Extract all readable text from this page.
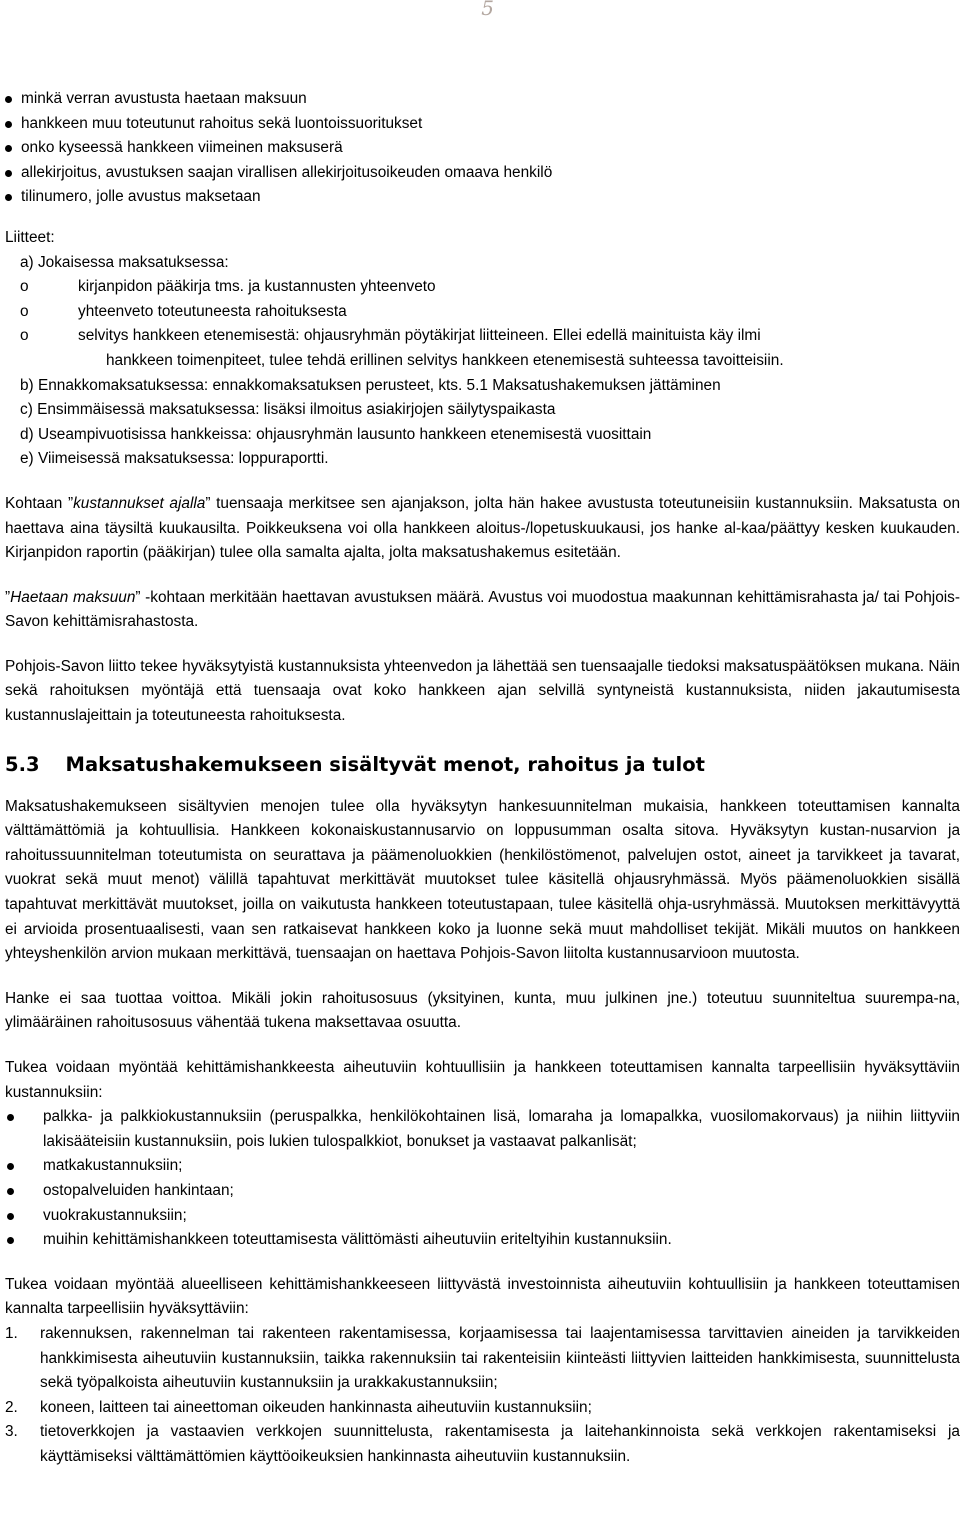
5
minkä verran avustusta haetaan maksuun
hankkeen muu toteutunut rahoitus sekä luontoissuoritukset
onko kyseessä hankkeen viimeinen maksuserä
allekirjoitus, avustuksen saajan virallisen allekirjoitusoikeuden omaava henkilö
tilinumero, jolle avustus maksetaan
Liitteet:
a) Jokaisessa maksatuksessa:
o	kirjanpidon pääkirja tms. ja kustannusten yhteenveto
o	yhteenveto toteutuneesta rahoituksesta
o	selvitys hankkeen etenemisestä: ohjausryhmän pöytäkirjat liitteineen. Ellei edellä mainituista käy ilmi
hankkeen toimenpiteet, tulee tehdä erillinen selvitys hankkeen etenemisestä suhteessa tavoitteisiin.
b) Ennakkomaksatuksessa: ennakkomaksatuksen perusteet, kts. 5.1 Maksatushakemuksen jättäminen
c) Ensimmäisessä maksatuksessa: lisäksi ilmoitus asiakirjojen säilytyspaikasta
d) Useampivuotisissa hankkeissa: ohjausryhmän lausunto hankkeen etenemisestä vuosittain
e) Viimeisessä maksatuksessa: loppuraportti.

Kohtaan ”kustannukset ajalla” tuensaaja merkitsee sen ajanjakson, jolta hän hakee avustusta toteutuneisiin kustannuksiin. Maksatusta on haettava aina täysiltä kuukausilta. Poikkeuksena voi olla hankkeen aloitus-/lopetuskuukausi, jos hanke al-kaa/päättyy kesken kuukauden. Kirjanpidon raportin (pääkirjan) tulee olla samalta ajalta, jolta maksatushakemus esitetään.

”Haetaan maksuun” -kohtaan merkitään haettavan avustuksen määrä. Avustus voi muodostua maakunnan kehittämisrahasta ja/ tai Pohjois-Savon kehittämisrahastosta.

Pohjois-Savon liitto tekee hyväksytyistä kustannuksista yhteenvedon ja lähettää sen tuensaajalle tiedoksi maksatuspäätöksen mukana. Näin sekä rahoituksen myöntäjä että tuensaaja ovat koko hankkeen ajan selvillä syntyneistä kustannuksista, niiden jakautumisesta kustannuslajeittain ja toteutuneesta rahoituksesta.

5.3 Maksatushakemukseen sisältyvät menot, rahoitus ja tulot

Maksatushakemukseen sisältyvien menojen tulee olla hyväksytyn hankesuunnitelman mukaisia, hankkeen toteuttamisen kannalta välttämättömiä ja kohtuullisia. Hankkeen kokonaiskustannusarvio on loppusumman osalta sitova. Hyväksytyn kustan-nusarvion ja rahoitussuunnitelman toteutumista on seurattava ja päämenoluokkien (henkilöstömenot, palvelujen ostot, aineet ja tarvikkeet ja tavarat, vuokrat sekä muut menot) välillä tapahtuvat merkittävät muutokset tulee käsitellä ohjausryhmässä. Myös päämenoluokkien sisällä tapahtuvat merkittävät muutokset, joilla on vaikutusta hankkeen toteutustapaan, tulee käsitellä ohja-usryhmässä. Muutoksen merkittävyyttä ei arvioida prosentuaalisesti, vaan sen ratkaisevat hankkeen koko ja luonne sekä muut mahdolliset tekijät. Mikäli muutos on hankkeen yhteyshenkilön arvion mukaan merkittävä, tuensaajan on haettava Pohjois-Savon liitolta kustannusarvioon muutosta.

Hanke ei saa tuottaa voittoa. Mikäli jokin rahoitusosuus (yksityinen, kunta, muu julkinen jne.) toteutuu suunniteltua suurempa-na, ylimääräinen rahoitusosuus vähentää tukena maksettavaa osuutta.

Tukea voidaan myöntää kehittämishankkeesta aiheutuviin kohtuullisiin ja hankkeen toteuttamisen kannalta tarpeellisiin hyväksyttäviin kustannuksiin:

palkka- ja palkkiokustannuksiin (peruspalkka, henkilökohtainen lisä, lomaraha ja lomapalkka, vuosilomakorvaus) ja niihin liittyviin lakisääteisiin kustannuksiin, pois lukien tulospalkkiot, bonukset ja vastaavat palkanlisät;
matkakustannuksiin;
ostopalveluiden hankintaan;
vuokrakustannuksiin;
muihin kehittämishankkeen toteuttamisesta välittömästi aiheutuviin eriteltyihin kustannuksiin.

Tukea voidaan myöntää alueelliseen kehittämishankkeeseen liittyvästä investoinnista aiheutuviin kohtuullisiin ja hankkeen toteuttamisen kannalta tarpeellisiin hyväksyttäviin:

1. rakennuksen, rakennelman tai rakenteen rakentamisessa, korjaamisessa tai laajentamisessa tarvittavien aineiden ja tarvikkeiden hankkimisesta aiheutuviin kustannuksiin, taikka rakennuksiin tai rakenteisiin kiinteästi liittyvien laitteiden hankkimisesta, suunnittelusta sekä työpalkoista aiheutuviin kustannuksiin ja urakkakustannuksiin;
2. koneen, laitteen tai aineettoman oikeuden hankinnasta aiheutuviin kustannuksiin;
3. tietoverkkojen ja vastaavien verkkojen suunnittelusta, rakentamisesta ja laitehankinnoista sekä verkkojen rakentamiseksi ja käyttämiseksi välttämättömien käyttöoikeuksien hankinnasta aiheutuviin kustannuksiin.
